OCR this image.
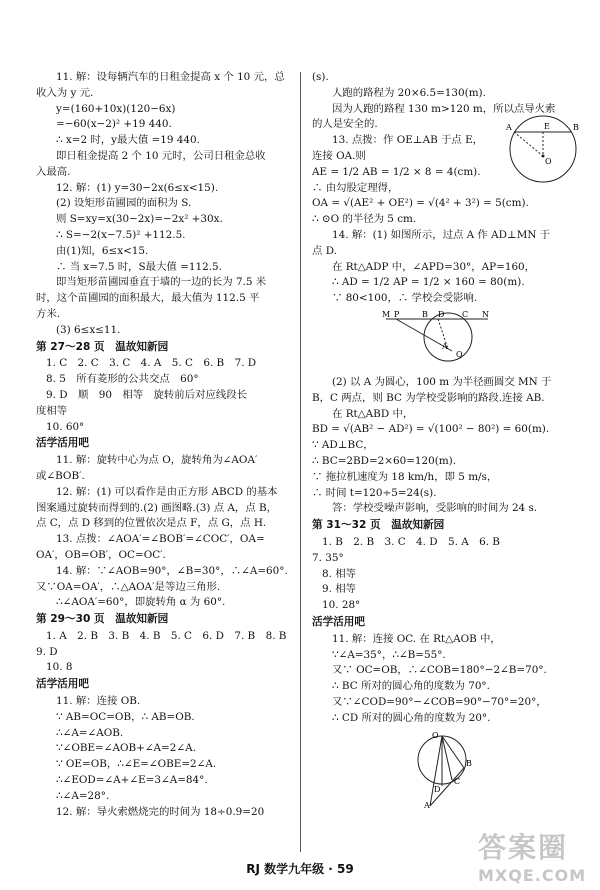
11. 解：设每辆汽车的日租金提高 x 个 10 元，总
收入为 y 元.
y=(160+10x)(120−6x)
=−60(x−2)² +19 440.
∴ x=2 时，y最大值 =19 440.
即日租金提高 2 个 10 元时，公司日租金总收
入最高.
12. 解：(1) y=30−2x(6≤x<15).
(2) 设矩形苗圃园的面积为 S.
则 S=xy=x(30−2x)=−2x² +30x.
∴ S=−2(x−7.5)² +112.5.
由(1)知，6≤x<15.
∴ 当 x=7.5 时，S最大值 =112.5.
即当矩形苗圃园垂直于墙的一边的长为 7.5 米
时，这个苗圃园的面积最大，最大值为 112.5 平
方米.
(3) 6≤x≤11.
第 27～28 页　温故知新园
1. C　2. C　3. C　4. A　5. C　6. B　7. D
8. 5　所有菱形的公共交点　60°
9. D　顺　90　相等　旋转前后对应线段长
度相等
10. 60°
活学活用吧
11. 解：旋转中心为点 O，旋转角为∠AOA′
或∠BOB′.
12. 解：(1) 可以看作是由正方形 ABCD 的基本
图案通过旋转而得到的.(2) 画图略.(3) 点 A，点 B，
点 C，点 D 移到的位置依次是点 F，点 G，点 H.
13. 点拨：∠AOA′=∠BOB′=∠COC′，OA=
OA′，OB=OB′，OC=OC′.
14. 解：∵∠AOB=90°，∠B=30°，∴∠A=60°.
又∵OA=OA′，∴△AOA′是等边三角形.
∴∠AOA′=60°，即旋转角 α 为 60°.
第 29～30 页　温故知新园
1. A　2. B　3. B　4. B　5. C　6. D　7. B　8. B
9. D
10. 8
活学活用吧
11. 解：连接 OB.
∵ AB=OC=OB，∴ AB=OB.
∴∠A=∠AOB.
∵∠OBE=∠AOB+∠A=2∠A.
∵ OE=OB，∴∠E=∠OBE=2∠A.
∴∠EOD=∠A+∠E=3∠A=84°.
∴∠A=28°.
12. 解：导火索燃烧完的时间为 18÷0.9=20
(s).
人跑的路程为 20×6.5=130(m).
因为人跑的路程 130 m>120 m，所以点导火索
的人是安全的.
13. 点拨：作 OE⊥AB 于点 E，
连接 OA.则
AE = 1/2 AB = 1/2 × 8 = 4(cm).
∴ 由勾股定理得，
OA = √(AE² + OE²) = √(4² + 3²) = 5(cm).
∴ ⊙O 的半径为 5 cm.
14. 解：(1) 如图所示，过点 A 作 AD⊥MN 于
点 D.
在 Rt△ADP 中，∠APD=30°，AP=160，
∴ AD = 1/2 AP = 1/2 × 160 = 80(m).
∵ 80<100，∴ 学校会受影响.
M P	B D C N
A
Q
(2) 以 A 为圆心，100 m 为半径画圆交 MN 于
B，C 两点，则 BC 为学校受影响的路段.连接 AB.
在 Rt△ABD 中，
BD = √(AB² − AD²) = √(100² − 80²) = 60(m).
∵ AD⊥BC，
∴ BC=2BD=2×60=120(m).
∵ 拖拉机速度为 18 km/h，即 5 m/s，
∴ 时间 t=120÷5=24(s).
答：学校受噪声影响，受影响的时间为 24 s.
第 31～32 页　温故知新园
1. B　2. B　3. C　4. D　5. A　6. B
7. 35°
8. 相等
9. 相等
10. 28°
活学活用吧
11. 解：连接 OC. 在 Rt△AOB 中，
∵∠A=35°，∴∠B=55°.
又∵ OC=OB，∴∠COB=180°−2∠B=70°.
∴ BC 所对的圆心角的度数为 70°.
又∵∠COD=90°−∠COB=90°−70°=20°，
∴ CD 所对的圆心角的度数为 20°.
O
B
C
D
A
A	E	B
O
RJ 数学九年级 · 59
答案圈
MXQE.COM
